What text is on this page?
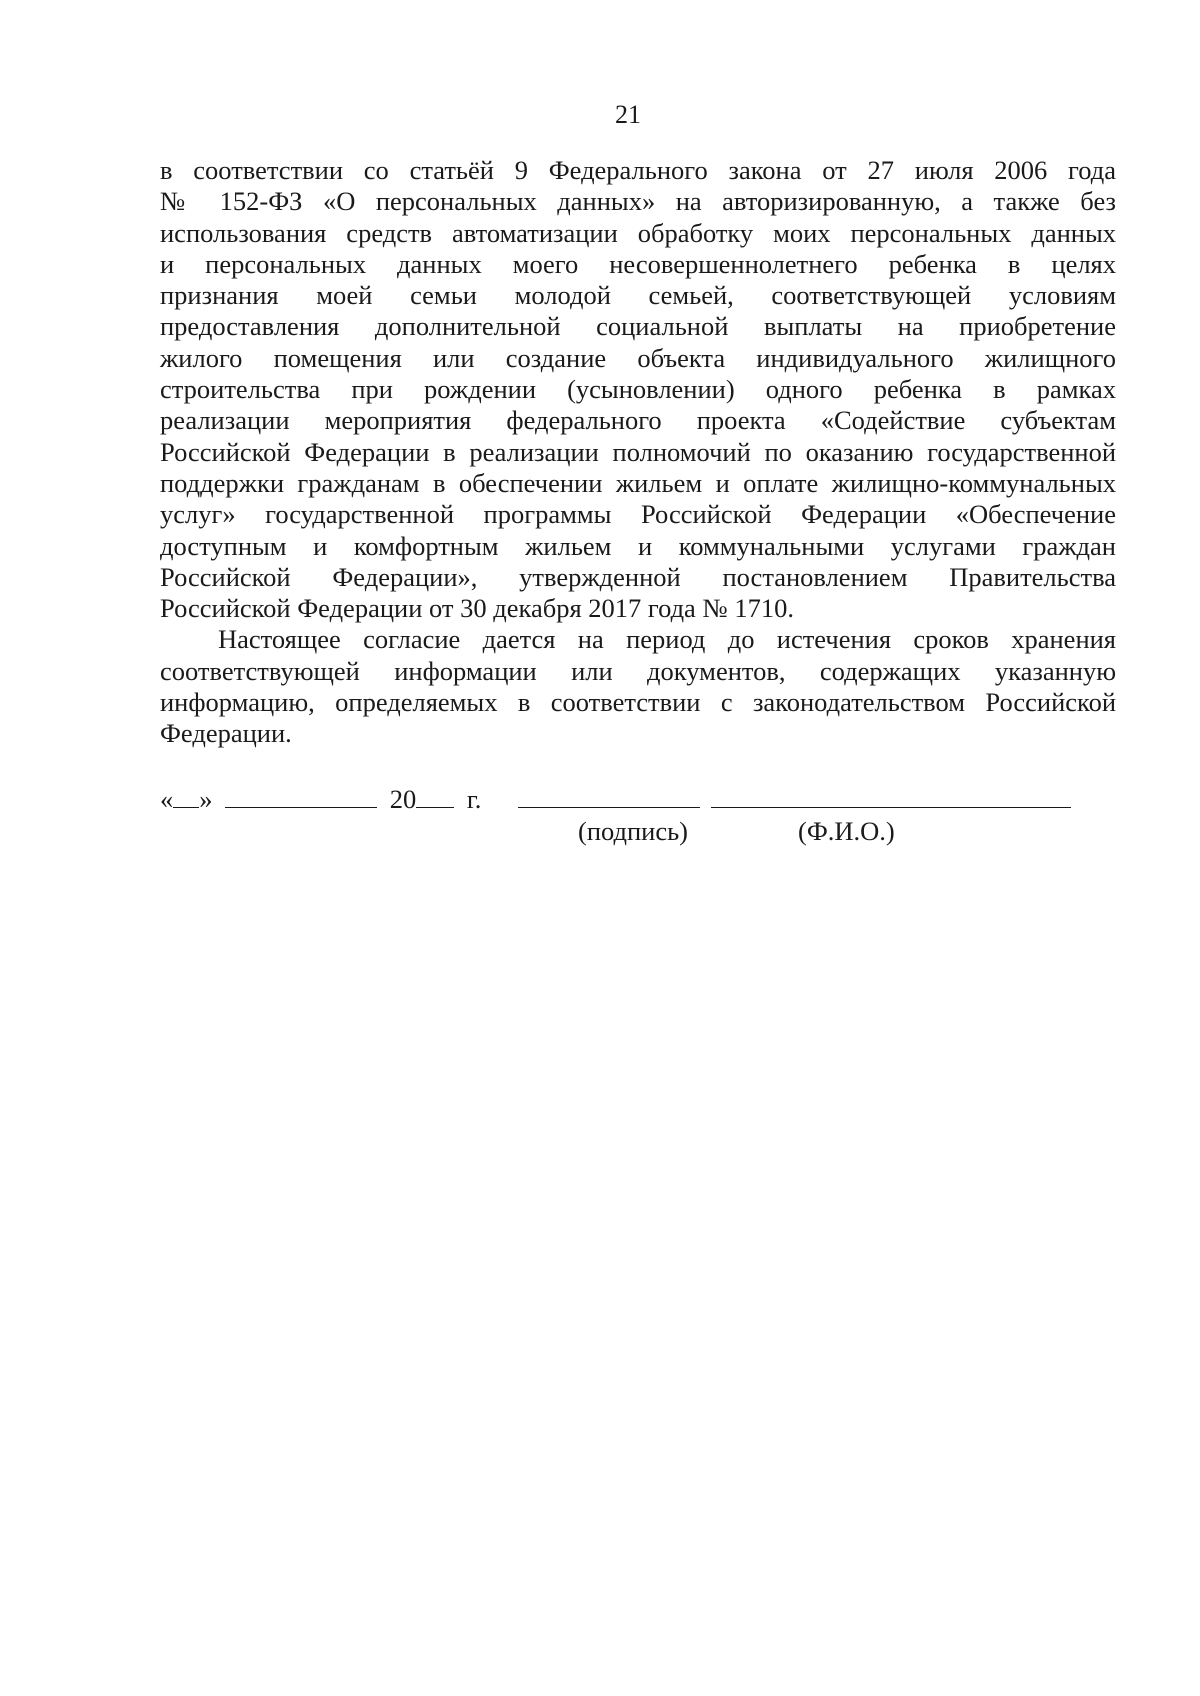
21
в соответствии со статьёй 9 Федерального закона от 27 июля 2006 года
№ 152-ФЗ «О персональных данных» на авторизированную, а также без
использования средств автоматизации обработку моих персональных данных
и персональных данных моего несовершеннолетнего ребенка в целях
признания моей семьи молодой семьей, соответствующей условиям
предоставления дополнительной социальной выплаты на приобретение
жилого помещения или создание объекта индивидуального жилищного
строительства при рождении (усыновлении) одного ребенка в рамках
реализации мероприятия федерального проекта «Содействие субъектам
Российской Федерации в реализации полномочий по оказанию государственной
поддержки гражданам в обеспечении жильем и оплате жилищно-коммунальных
услуг» государственной программы Российской Федерации «Обеспечение
доступным и комфортным жильем и коммунальными услугами граждан
Российской Федерации», утвержденной постановлением Правительства
Российской Федерации от 30 декабря 2017 года № 1710.
Настоящее согласие дается на период до истечения сроков хранения
соответствующей информации или документов, содержащих указанную
информацию, определяемых в соответствии с законодательством Российской
Федерации.
« »	20 г.
(подпись)	(Ф.И.О.)
